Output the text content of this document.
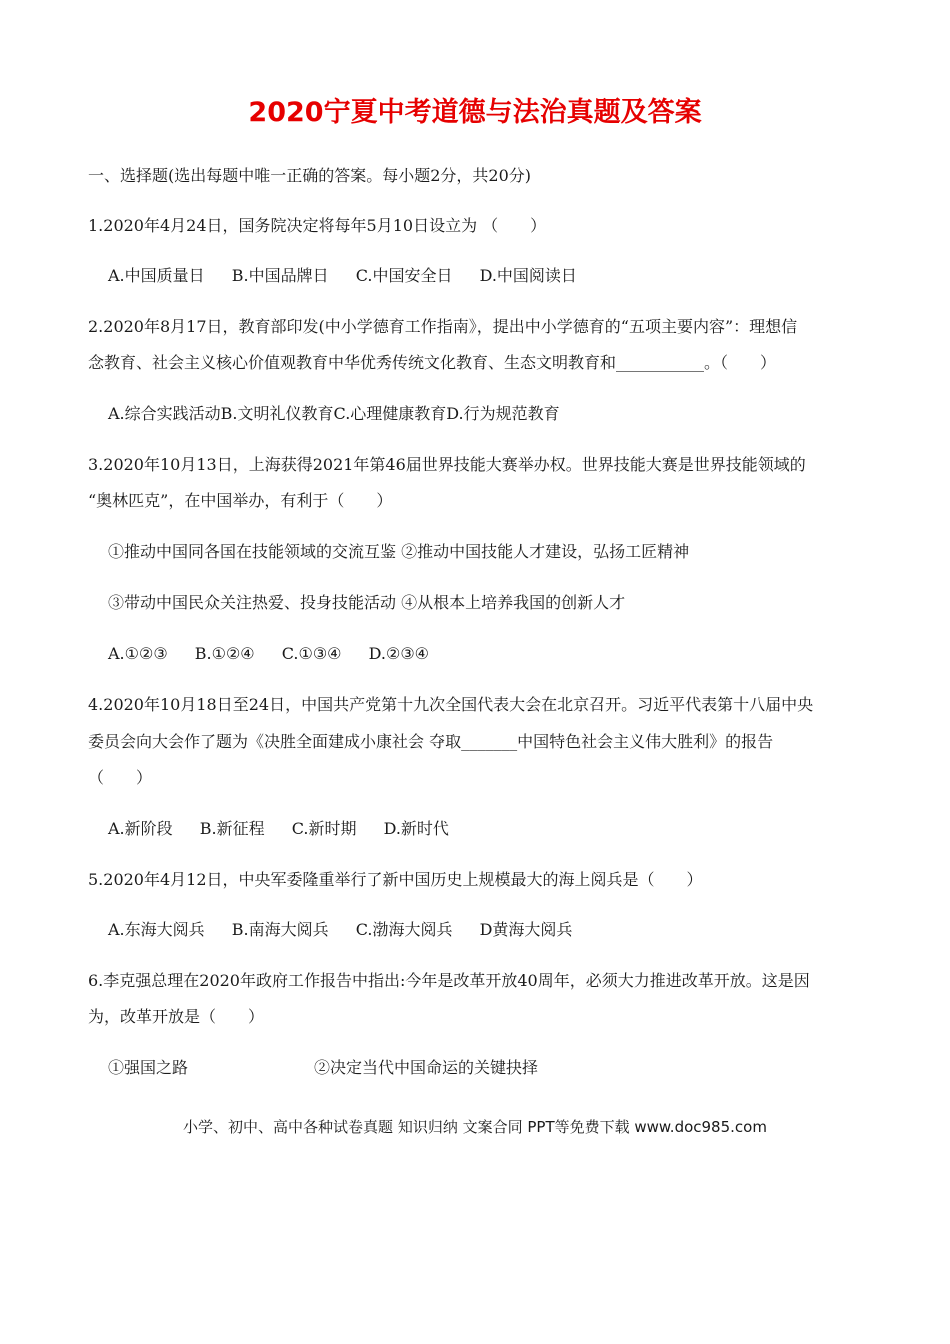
2020宁夏中考道德与法治真题及答案
一、选择题(选出每题中唯一正确的答案。每小题2分，共20分)
1.2020年4月24日，国务院决定将每年5月10日设立为 （　　）
A.中国质量日 B.中国品牌日 C.中国安全日 D.中国阅读日
2.2020年8月17日，教育部印发(中小学德育工作指南》，提出中小学德育的“五项主要内容”：理想信
念教育、社会主义核心价值观教育中华优秀传统文化教育、生态文明教育和___________。（　　）
A.综合实践活动B.文明礼仪教育C.心理健康教育D.行为规范教育
3.2020年10月13日，上海获得2021年第46届世界技能大赛举办权。世界技能大赛是世界技能领域的
“奥林匹克”，在中国举办，有利于（　　）
①推动中国同各国在技能领域的交流互鉴 ②推动中国技能人才建设，弘扬工匠精神
③带动中国民众关注热爱、投身技能活动 ④从根本上培养我国的创新人才
A.①②③ B.①②④ C.①③④ D.②③④
4.2020年10月18日至24日，中国共产党第十九次全国代表大会在北京召开。习近平代表第十八届中央
委员会向大会作了题为《决胜全面建成小康社会 夺取_______中国特色社会主义伟大胜利》的报告
（　　）
A.新阶段 B.新征程 C.新时期 D.新时代
5.2020年4月12日，中央军委隆重举行了新中国历史上规模最大的海上阅兵是（　　）
A.东海大阅兵 B.南海大阅兵 C.渤海大阅兵 D黄海大阅兵
6.李克强总理在2020年政府工作报告中指出:今年是改革开放40周年，必须大力推进改革开放。这是因
为，改革开放是（　　）
①强国之路	②决定当代中国命运的关键抉择
小学、初中、高中各种试卷真题 知识归纳 文案合同 PPT等免费下载 www.doc985.com
